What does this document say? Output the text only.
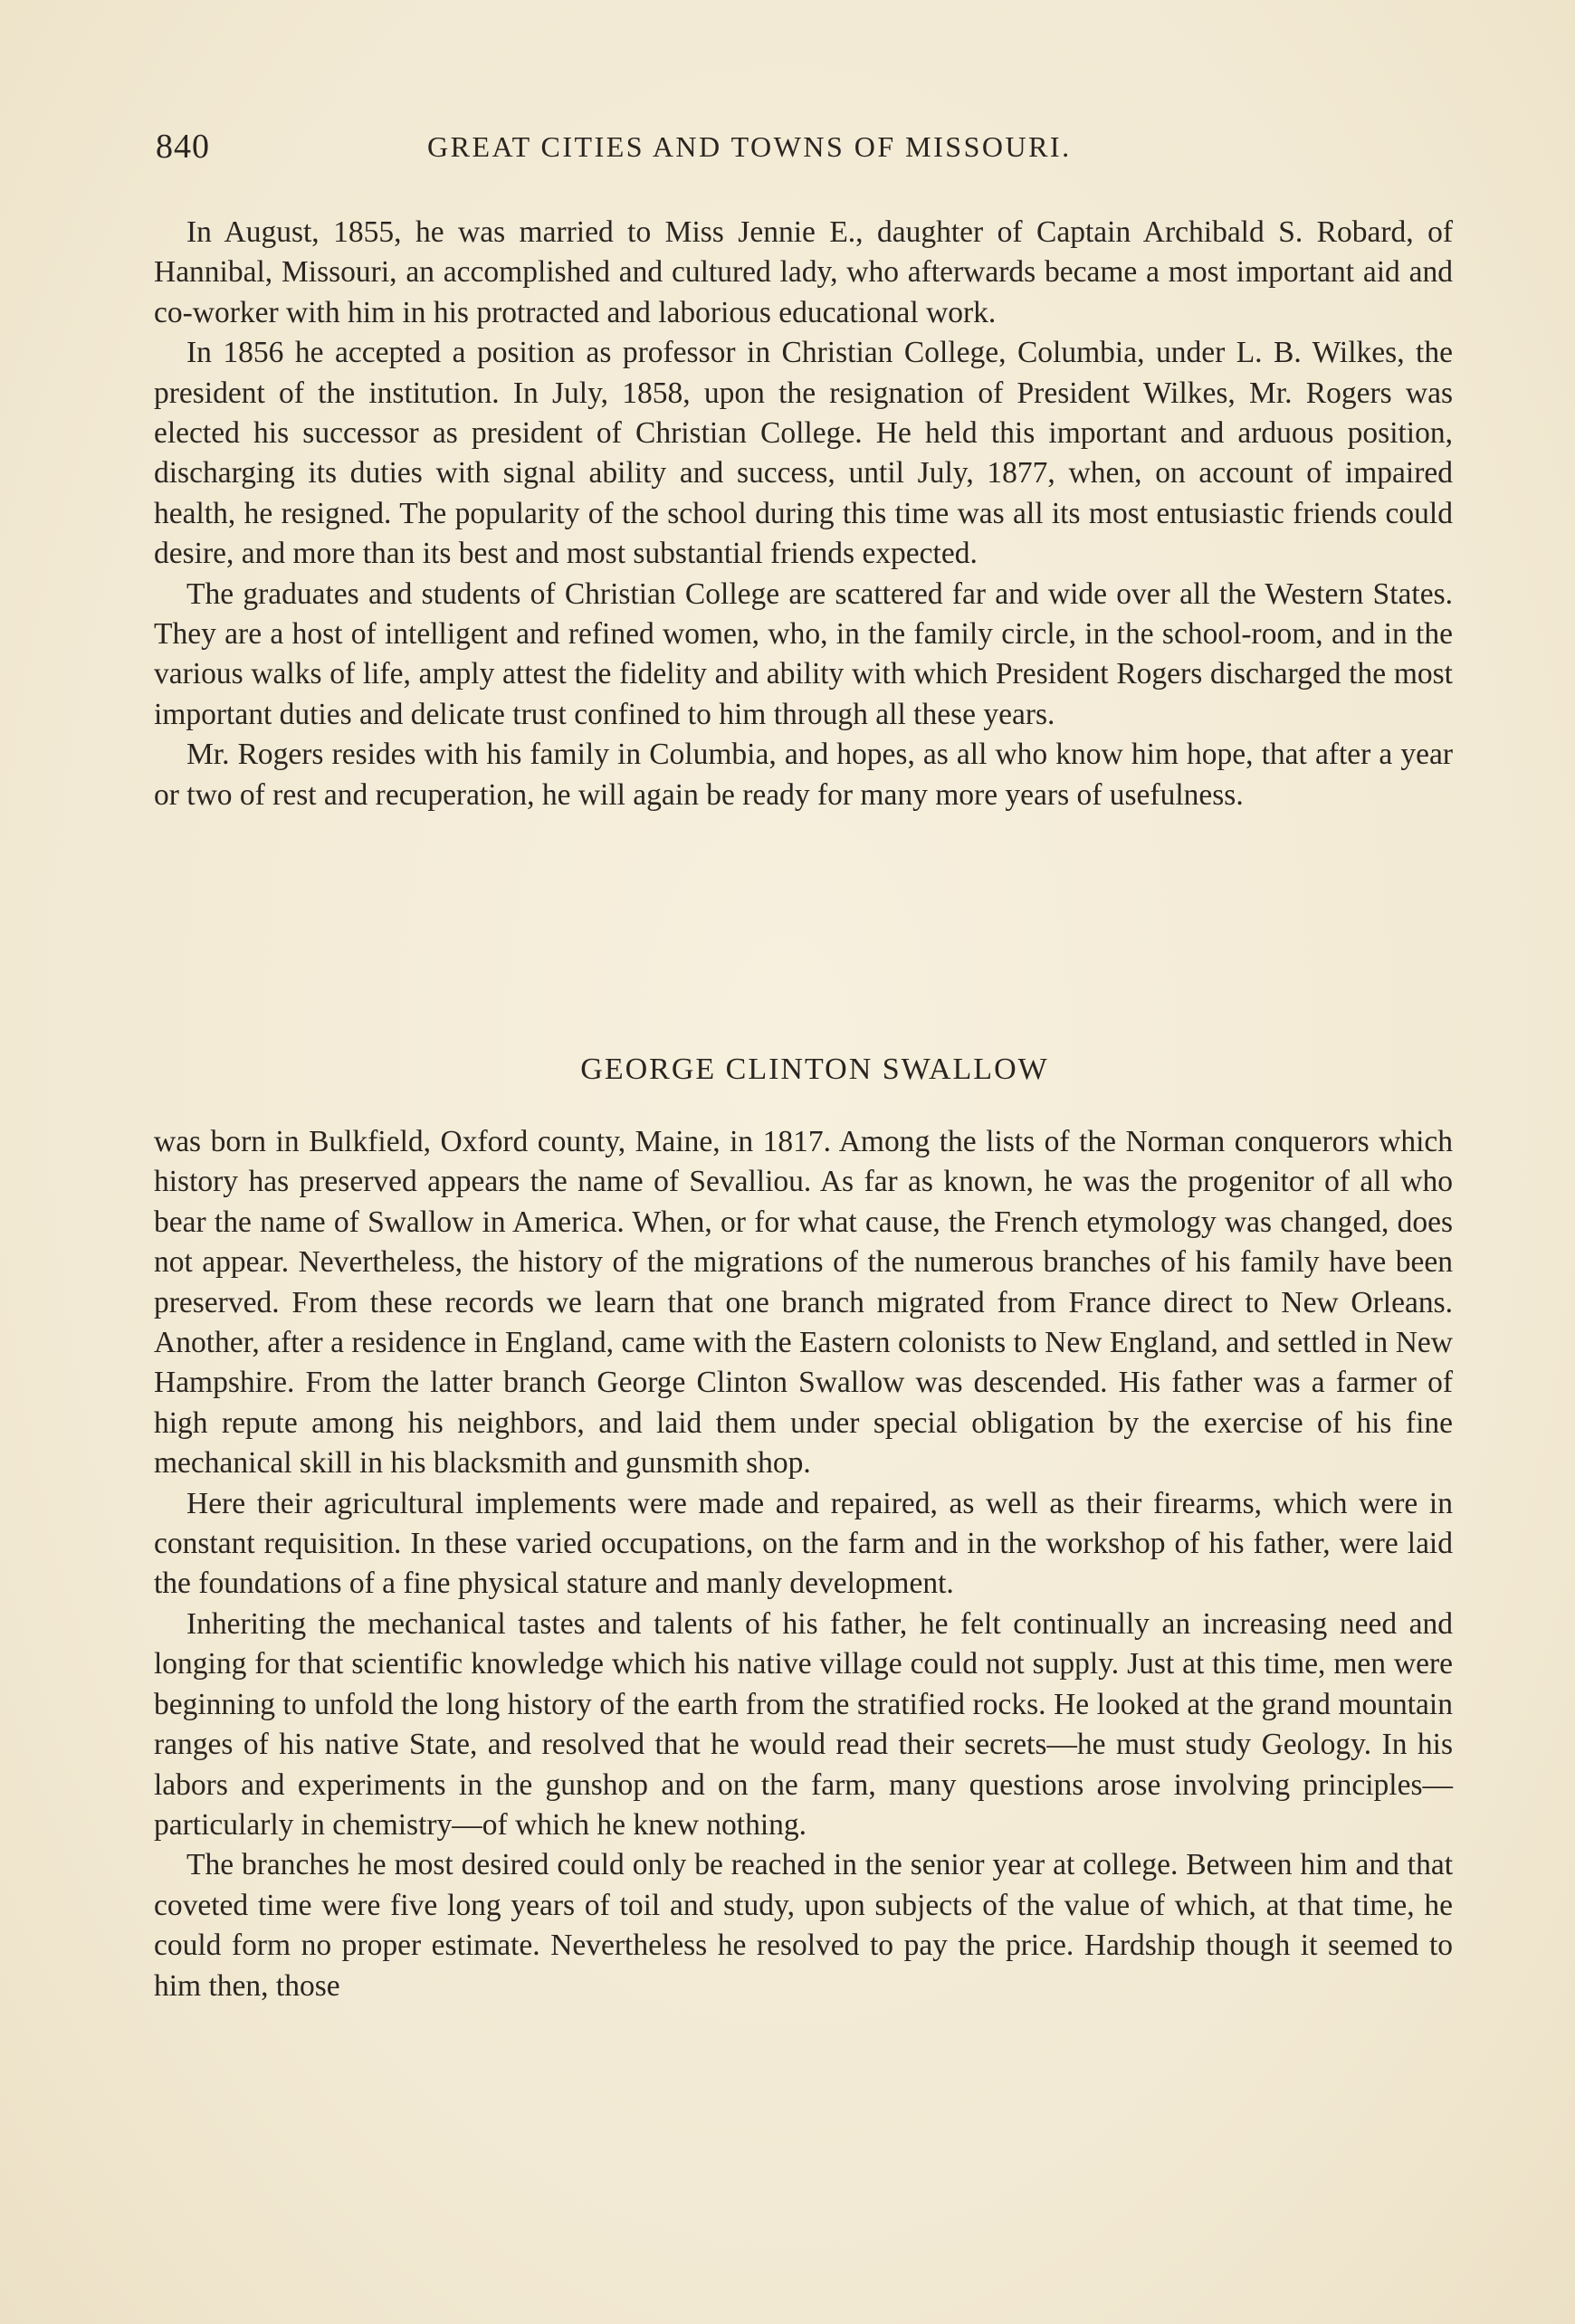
840	GREAT CITIES AND TOWNS OF MISSOURI.

In August, 1855, he was married to Miss Jennie E., daughter of Captain Archibald S. Robard, of Hannibal, Missouri, an accomplished and cultured lady, who afterwards became a most important aid and co-worker with him in his protracted and laborious educational work.

In 1856 he accepted a position as professor in Christian College, Columbia, under L. B. Wilkes, the president of the institution. In July, 1858, upon the resignation of President Wilkes, Mr. Rogers was elected his successor as president of Christian College. He held this important and arduous position, discharging its duties with signal ability and success, until July, 1877, when, on account of impaired health, he resigned. The popularity of the school during this time was all its most entusiastic friends could desire, and more than its best and most substantial friends expected.

The graduates and students of Christian College are scattered far and wide over all the Western States. They are a host of intelligent and refined women, who, in the family circle, in the school-room, and in the various walks of life, amply attest the fidelity and ability with which President Rogers discharged the most important duties and delicate trust confined to him through all these years.

Mr. Rogers resides with his family in Columbia, and hopes, as all who know him hope, that after a year or two of rest and recuperation, he will again be ready for many more years of usefulness.

GEORGE CLINTON SWALLOW

was born in Bulkfield, Oxford county, Maine, in 1817. Among the lists of the Norman conquerors which history has preserved appears the name of Sevalliou. As far as known, he was the progenitor of all who bear the name of Swallow in America. When, or for what cause, the French etymology was changed, does not appear. Nevertheless, the history of the migrations of the numerous branches of his family have been preserved. From these records we learn that one branch migrated from France direct to New Orleans. Another, after a residence in England, came with the Eastern colonists to New England, and settled in New Hampshire. From the latter branch George Clinton Swallow was descended. His father was a farmer of high repute among his neighbors, and laid them under special obligation by the exercise of his fine mechanical skill in his blacksmith and gunsmith shop.

Here their agricultural implements were made and repaired, as well as their firearms, which were in constant requisition. In these varied occupations, on the farm and in the workshop of his father, were laid the foundations of a fine physical stature and manly development.

Inheriting the mechanical tastes and talents of his father, he felt continually an increasing need and longing for that scientific knowledge which his native village could not supply. Just at this time, men were beginning to unfold the long history of the earth from the stratified rocks. He looked at the grand mountain ranges of his native State, and resolved that he would read their secrets—he must study Geology. In his labors and experiments in the gunshop and on the farm, many questions arose involving principles—particularly in chemistry—of which he knew nothing.

The branches he most desired could only be reached in the senior year at college. Between him and that coveted time were five long years of toil and study, upon subjects of the value of which, at that time, he could form no proper estimate. Nevertheless he resolved to pay the price. Hardship though it seemed to him then, those
